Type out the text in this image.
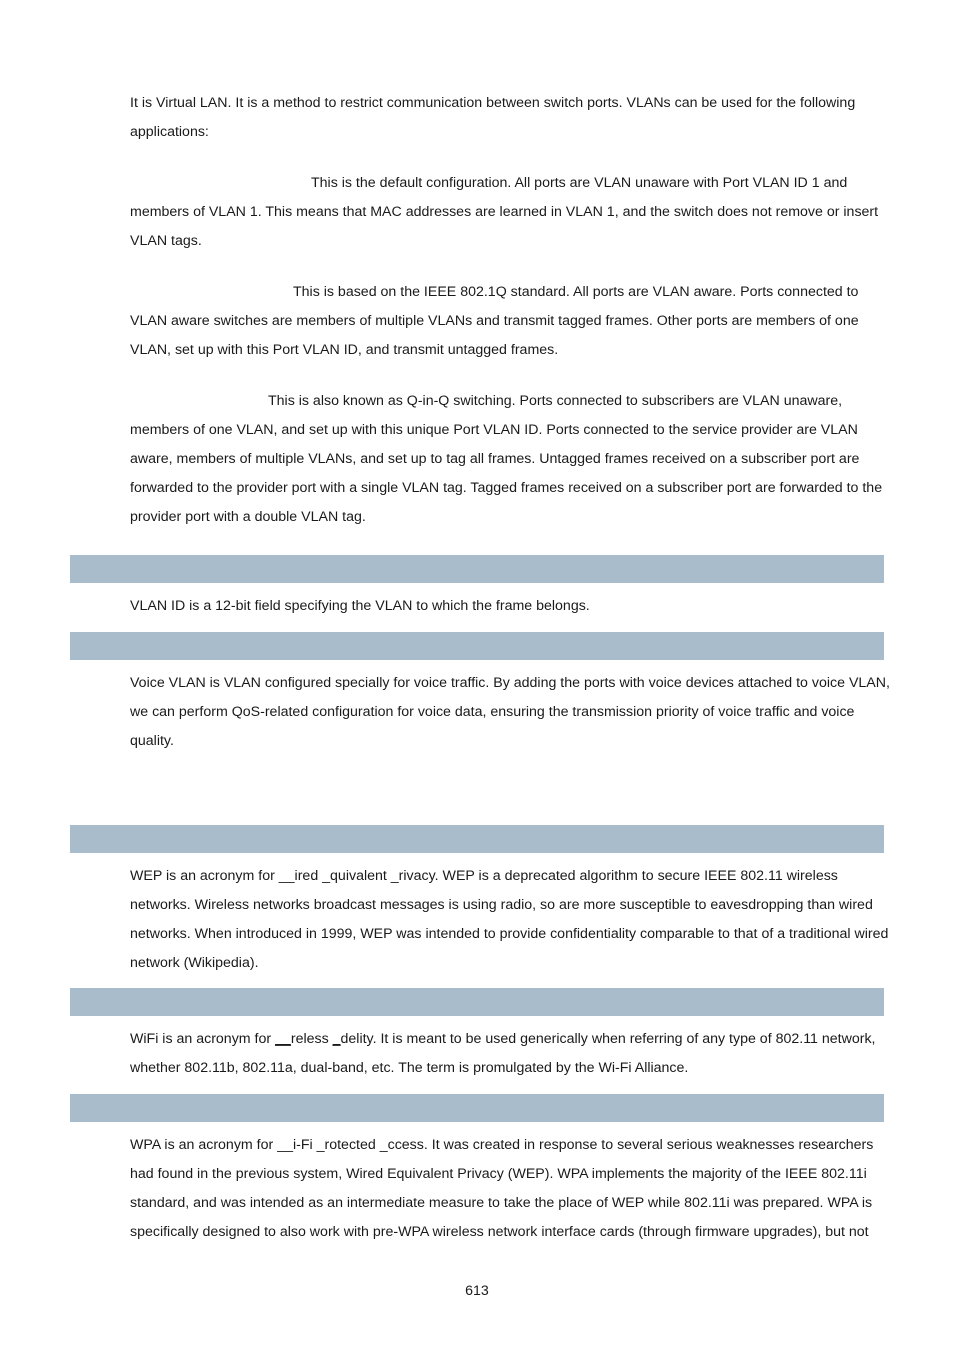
It is Virtual LAN. It is a method to restrict communication between switch ports. VLANs can be used for the following applications:

This is the default configuration. All ports are VLAN unaware with Port VLAN ID 1 and members of VLAN 1. This means that MAC addresses are learned in VLAN 1, and the switch does not remove or insert VLAN tags.

This is based on the IEEE 802.1Q standard. All ports are VLAN aware. Ports connected to VLAN aware switches are members of multiple VLANs and transmit tagged frames. Other ports are members of one VLAN, set up with this Port VLAN ID, and transmit untagged frames.

This is also known as Q-in-Q switching. Ports connected to subscribers are VLAN unaware, members of one VLAN, and set up with this unique Port VLAN ID. Ports connected to the service provider are VLAN aware, members of multiple VLANs, and set up to tag all frames. Untagged frames received on a subscriber port are forwarded to the provider port with a single VLAN tag. Tagged frames received on a subscriber port are forwarded to the provider port with a double VLAN tag.

VLAN ID is a 12-bit field specifying the VLAN to which the frame belongs.

Voice VLAN is VLAN configured specially for voice traffic. By adding the ports with voice devices attached to voice VLAN, we can perform QoS-related configuration for voice data, ensuring the transmission priority of voice traffic and voice quality.

WEP is an acronym for __ired _quivalent _rivacy. WEP is a deprecated algorithm to secure IEEE 802.11 wireless networks. Wireless networks broadcast messages is using radio, so are more susceptible to eavesdropping than wired networks. When introduced in 1999, WEP was intended to provide confidentiality comparable to that of a traditional wired network (Wikipedia).

WiFi is an acronym for __reless _delity. It is meant to be used generically when referring of any type of 802.11 network, whether 802.11b, 802.11a, dual-band, etc. The term is promulgated by the Wi-Fi Alliance.

WPA is an acronym for __i-Fi _rotected _ccess. It was created in response to several serious weaknesses researchers had found in the previous system, Wired Equivalent Privacy (WEP). WPA implements the majority of the IEEE 802.11i standard, and was intended as an intermediate measure to take the place of WEP while 802.11i was prepared. WPA is specifically designed to also work with pre-WPA wireless network interface cards (through firmware upgrades), but not

613
